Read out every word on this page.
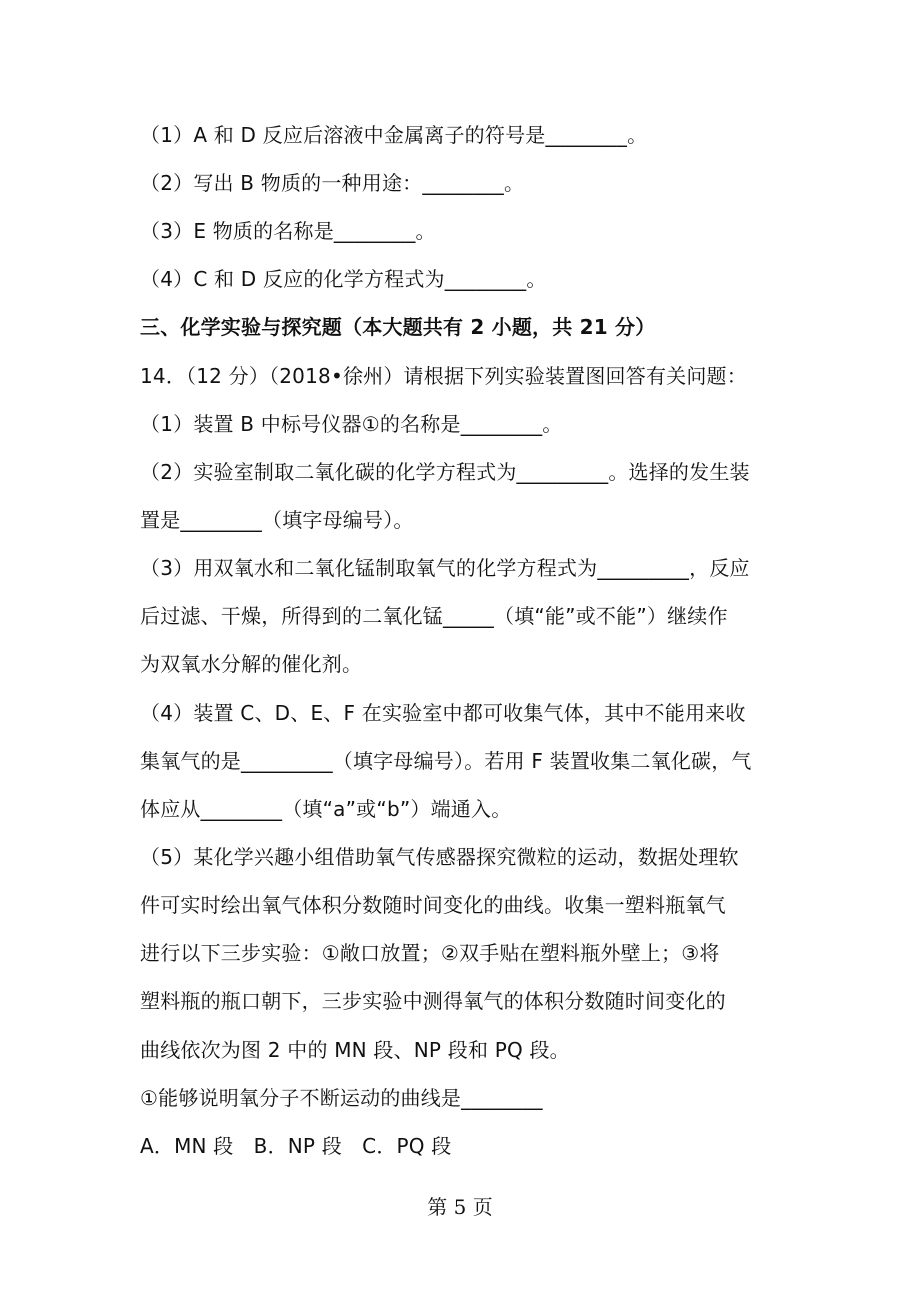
（1）A 和 D 反应后溶液中金属离子的符号是________。
（2）写出 B 物质的一种用途：________。
（3）E 物质的名称是________。
（4）C 和 D 反应的化学方程式为________。
三、化学实验与探究题（本大题共有 2 小题，共 21 分）
14．（12 分）（2018•徐州）请根据下列实验装置图回答有关问题：
（1）装置 B 中标号仪器①的名称是________。
（2）实验室制取二氧化碳的化学方程式为_________。选择的发生装
置是________（填字母编号）。
（3）用双氧水和二氧化锰制取氧气的化学方程式为_________，反应
后过滤、干燥，所得到的二氧化锰_____（填“能”或不能”）继续作
为双氧水分解的催化剂。
（4）装置 C、D、E、F 在实验室中都可收集气体，其中不能用来收
集氧气的是_________（填字母编号）。若用 F 装置收集二氧化碳，气
体应从________（填“a”或“b”）端通入。
（5）某化学兴趣小组借助氧气传感器探究微粒的运动，数据处理软
件可实时绘出氧气体积分数随时间变化的曲线。收集一塑料瓶氧气
进行以下三步实验：①敞口放置；②双手贴在塑料瓶外壁上；③将
塑料瓶的瓶口朝下，三步实验中测得氧气的体积分数随时间变化的
曲线依次为图 2 中的 MN 段、NP 段和 PQ 段。
①能够说明氧分子不断运动的曲线是________
A．MN 段　B．NP 段　C．PQ 段
第 5 页
